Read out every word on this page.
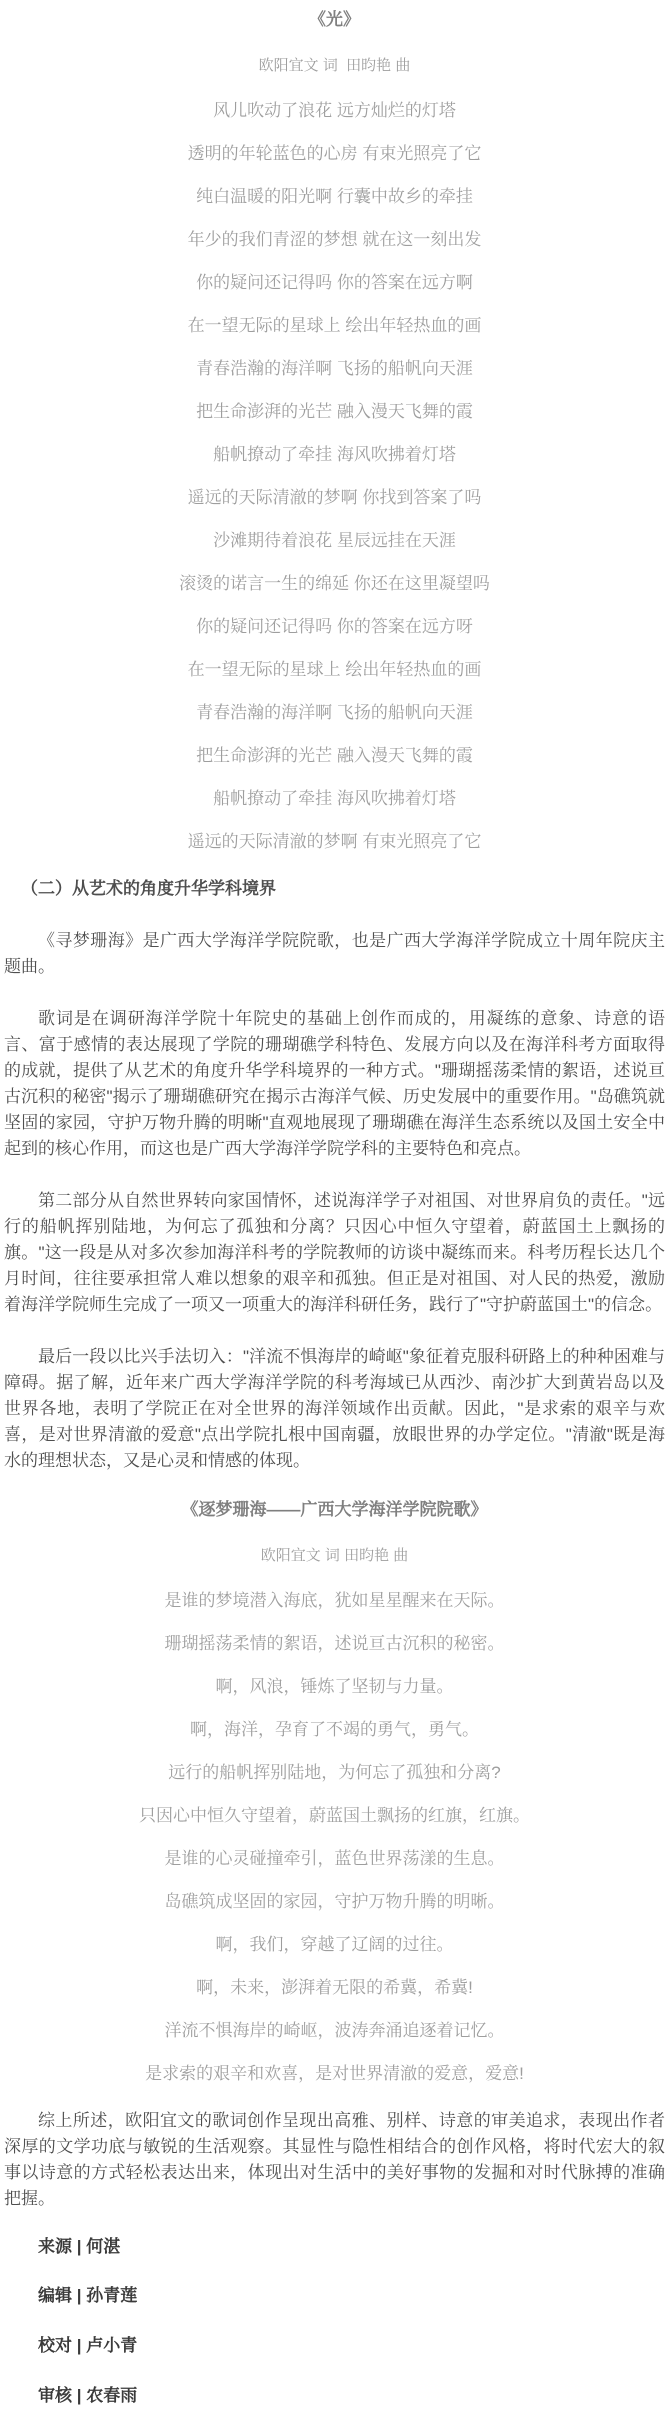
《光》

欧阳宜文 词  田昀艳 曲

风儿吹动了浪花 远方灿烂的灯塔

透明的年轮蓝色的心房 有束光照亮了它

纯白温暖的阳光啊 行囊中故乡的牵挂

年少的我们青涩的梦想 就在这一刻出发

你的疑问还记得吗 你的答案在远方啊

在一望无际的星球上 绘出年轻热血的画

青春浩瀚的海洋啊 飞扬的船帆向天涯

把生命澎湃的光芒 融入漫天飞舞的霞

船帆撩动了牵挂 海风吹拂着灯塔

遥远的天际清澈的梦啊 你找到答案了吗

沙滩期待着浪花 星辰远挂在天涯

滚烫的诺言一生的绵延 你还在这里凝望吗

你的疑问还记得吗 你的答案在远方呀

在一望无际的星球上 绘出年轻热血的画

青春浩瀚的海洋啊 飞扬的船帆向天涯

把生命澎湃的光芒 融入漫天飞舞的霞

船帆撩动了牵挂 海风吹拂着灯塔

遥远的天际清澈的梦啊 有束光照亮了它

（二）从艺术的角度升华学科境界

《寻梦珊海》是广西大学海洋学院院歌，也是广西大学海洋学院成立十周年院庆主题曲。

歌词是在调研海洋学院十年院史的基础上创作而成的，用凝练的意象、诗意的语言、富于感情的表达展现了学院的珊瑚礁学科特色、发展方向以及在海洋科考方面取得的成就，提供了从艺术的角度升华学科境界的一种方式。"珊瑚摇荡柔情的絮语，述说亘古沉积的秘密"揭示了珊瑚礁研究在揭示古海洋气候、历史发展中的重要作用。"岛礁筑就坚固的家园，守护万物升腾的明晰"直观地展现了珊瑚礁在海洋生态系统以及国土安全中起到的核心作用，而这也是广西大学海洋学院学科的主要特色和亮点。

第二部分从自然世界转向家国情怀，述说海洋学子对祖国、对世界肩负的责任。"远行的船帆挥别陆地，为何忘了孤独和分离？只因心中恒久守望着，蔚蓝国土上飘扬的旗。"这一段是从对多次参加海洋科考的学院教师的访谈中凝练而来。科考历程长达几个月时间，往往要承担常人难以想象的艰辛和孤独。但正是对祖国、对人民的热爱，激励着海洋学院师生完成了一项又一项重大的海洋科研任务，践行了"守护蔚蓝国土"的信念。

最后一段以比兴手法切入："洋流不惧海岸的崎岖"象征着克服科研路上的种种困难与障碍。据了解，近年来广西大学海洋学院的科考海域已从西沙、南沙扩大到黄岩岛以及世界各地，表明了学院正在对全世界的海洋领域作出贡献。因此，"是求索的艰辛与欢喜，是对世界清澈的爱意"点出学院扎根中国南疆，放眼世界的办学定位。"清澈"既是海水的理想状态，又是心灵和情感的体现。

《逐梦珊海——广西大学海洋学院院歌》

欧阳宜文 词 田昀艳 曲

是谁的梦境潜入海底，犹如星星醒来在天际。

珊瑚摇荡柔情的絮语，述说亘古沉积的秘密。

啊，风浪，锤炼了坚韧与力量。

啊，海洋，孕育了不竭的勇气，勇气。

远行的船帆挥别陆地，为何忘了孤独和分离?

只因心中恒久守望着，蔚蓝国土飘扬的红旗，红旗。

是谁的心灵碰撞牵引，蓝色世界荡漾的生息。

岛礁筑成坚固的家园，守护万物升腾的明晰。

啊，我们，穿越了辽阔的过往。

啊，未来，澎湃着无限的希冀，希冀!

洋流不惧海岸的崎岖，波涛奔涌追逐着记忆。

是求索的艰辛和欢喜，是对世界清澈的爱意，爱意!

综上所述，欧阳宜文的歌词创作呈现出高雅、别样、诗意的审美追求，表现出作者深厚的文学功底与敏锐的生活观察。其显性与隐性相结合的创作风格，将时代宏大的叙事以诗意的方式轻松表达出来，体现出对生活中的美好事物的发掘和对时代脉搏的准确把握。

来源 | 何湛

编辑 | 孙青莲

校对 | 卢小青

审核 | 农春雨
